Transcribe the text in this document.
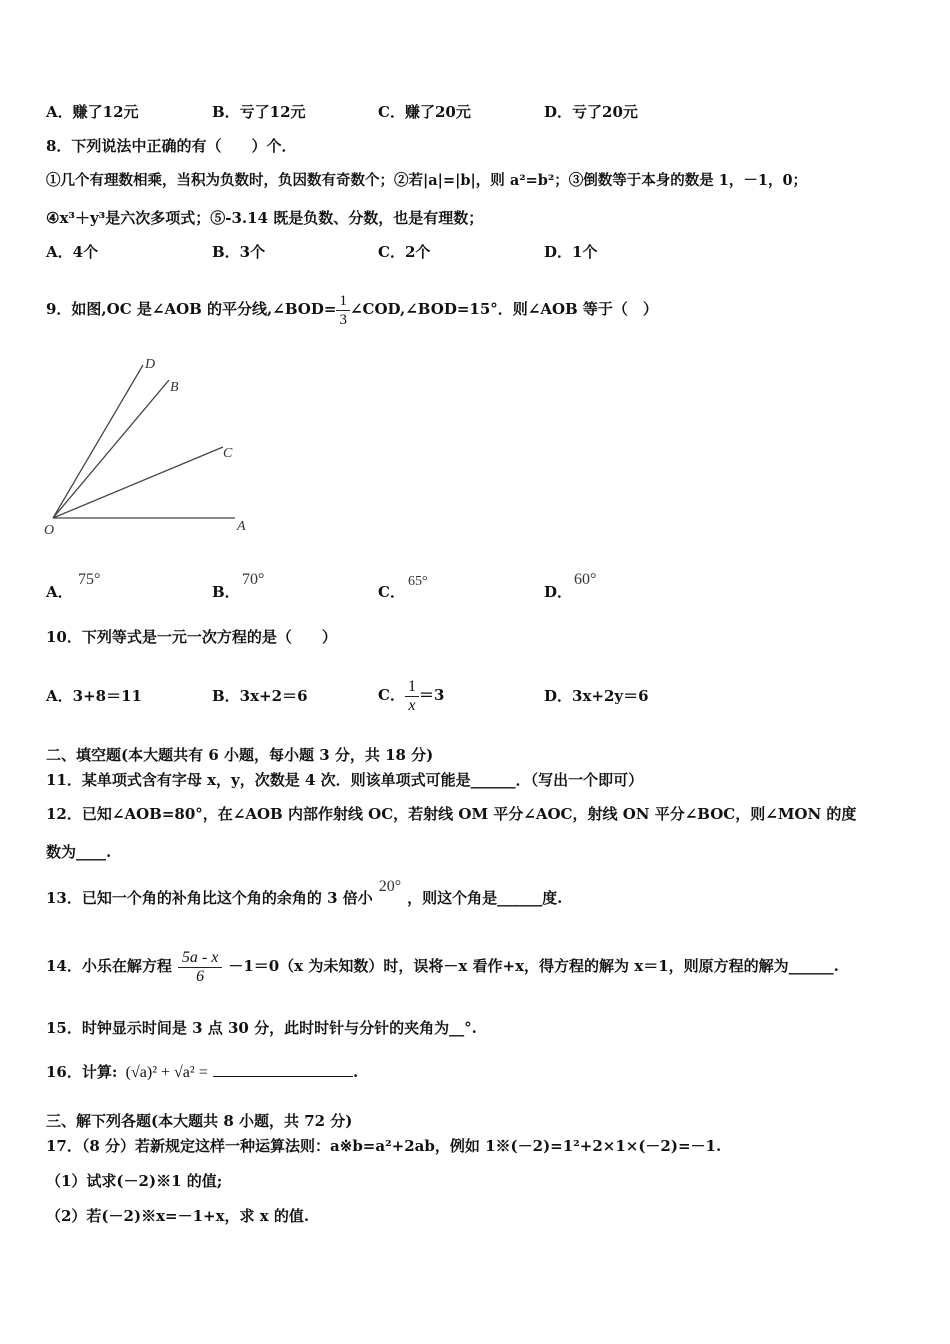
A．赚了12元	B．亏了12元	C．赚了20元	D．亏了20元
8．下列说法中正确的有（　　）个．
①几个有理数相乘，当积为负数时，负因数有奇数个；②若|a|=|b|，则 a²=b²；③倒数等于本身的数是 1，－1，0；
④x³＋y³是六次多项式；⑤-3.14 既是负数、分数，也是有理数；
A．4个	B．3个	C．2个	D．1个
9．如图,OC 是∠AOB 的平分线,∠BOD= $\frac{1}{3}$ ∠COD,∠BOD=15°．则∠AOB 等于（　）
D
B
C
O	A
A．
75°
B．
70°
C．
65°
D．
60°
10．下列等式是一元一次方程的是（　　）
A．3+8＝11	B．3x+2＝6	C． $\frac{1}{x} =3$	D．3x+2y＝6
二、填空题(本大题共有 6 小题，每小题 3 分，共 18 分)
11．某单项式含有字母 x，y，次数是 4 次．则该单项式可能是______．（写出一个即可）
12．已知∠AOB=80°，在∠AOB 内部作射线 OC，若射线 OM 平分∠AOC，射线 ON 平分∠BOC，则∠MON 的度
数为____.
13．已知一个角的补角比这个角的余角的 3 倍小20°，则这个角是______度.
14．小乐在解方程 $\frac{5a - x}{6} -1=0(x$ 为未知数）时，误将－x 看作+x，得方程的解为 x＝1，则原方程的解为______.
15．时钟显示时间是 3 点 30 分，此时时针与分针的夹角为__°.
16．计算: (√a)² + √a² =	.
三、解下列各题(本大题共 8 小题，共 72 分)
17．（8 分）若新规定这样一种运算法则：a※b=a²+2ab，例如 1※(－2)=1²+2×1×(－2)=－1.
（1）试求(－2)※1 的值;
（2）若(－2)※x=－1+x，求 x 的值.
